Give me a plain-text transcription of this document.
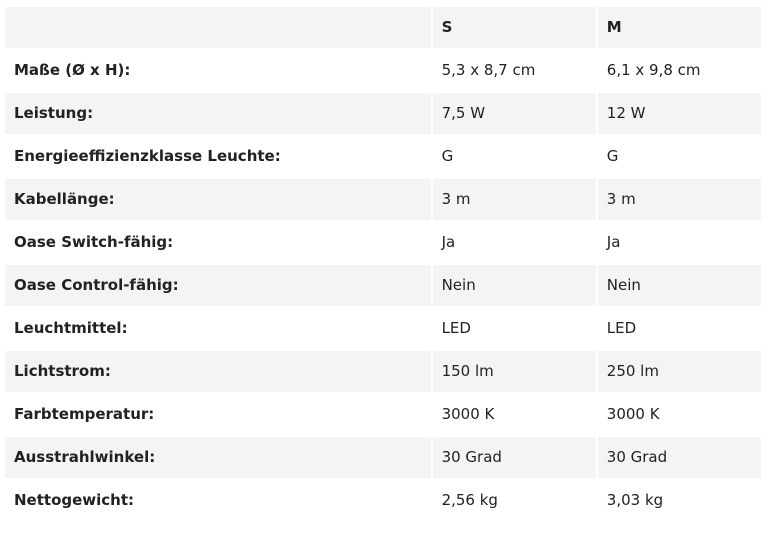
	S	M
Maße (Ø x H):	5,3 x 8,7 cm	6,1 x 9,8 cm
Leistung:	7,5 W	12 W
Energieeffizienzklasse Leuchte:	G	G
Kabellänge:	3 m	3 m
Oase Switch-fähig:	Ja	Ja
Oase Control-fähig:	Nein	Nein
Leuchtmittel:	LED	LED
Lichtstrom:	150 lm	250 lm
Farbtemperatur:	3000 K	3000 K
Ausstrahlwinkel:	30 Grad	30 Grad
Nettogewicht:	2,56 kg	3,03 kg
